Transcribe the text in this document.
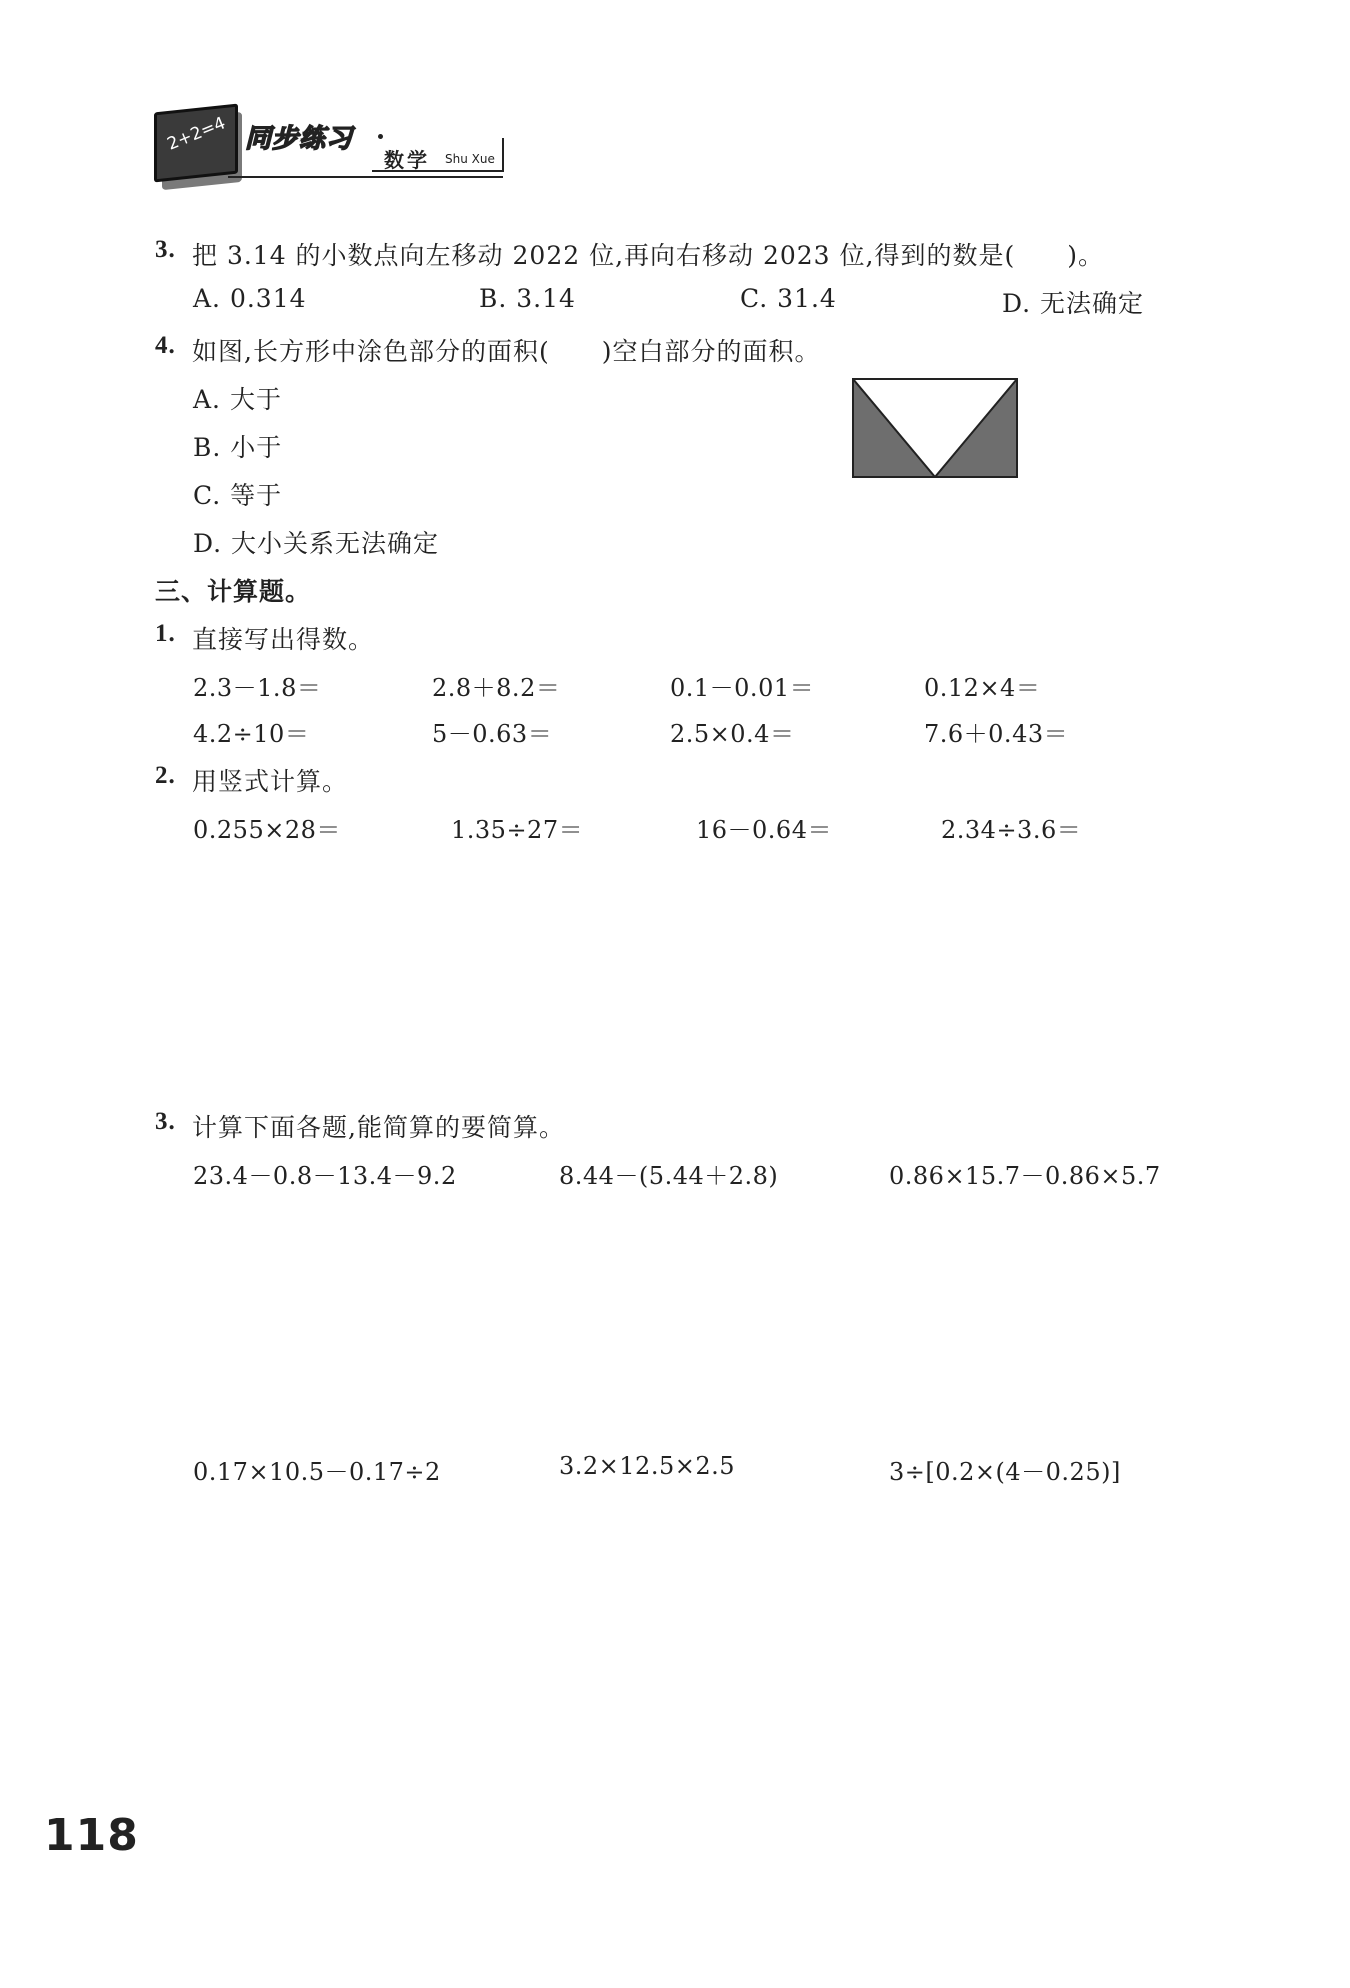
2+2=4 同步练习
数学 Shu Xue
3. 把 3.14 的小数点向左移动 2022 位,再向右移动 2023 位,得到的数是(　　)。
A. 0.314	B. 3.14	C. 31.4	D. 无法确定
4. 如图,长方形中涂色部分的面积(　　)空白部分的面积。
A. 大于
B. 小于
C. 等于
D. 大小关系无法确定
三、计算题。
1. 直接写出得数。
2.3－1.8＝	2.8＋8.2＝	0.1－0.01＝	0.12×4＝
4.2÷10＝	5－0.63＝	2.5×0.4＝	7.6＋0.43＝
2. 用竖式计算。
0.255×28＝	1.35÷27＝	16－0.64＝	2.34÷3.6＝
3. 计算下面各题,能简算的要简算。
23.4－0.8－13.4－9.2	8.44－(5.44＋2.8)	0.86×15.7－0.86×5.7
0.17×10.5－0.17÷2	3.2×12.5×2.5	3÷[0.2×(4－0.25)]
118
